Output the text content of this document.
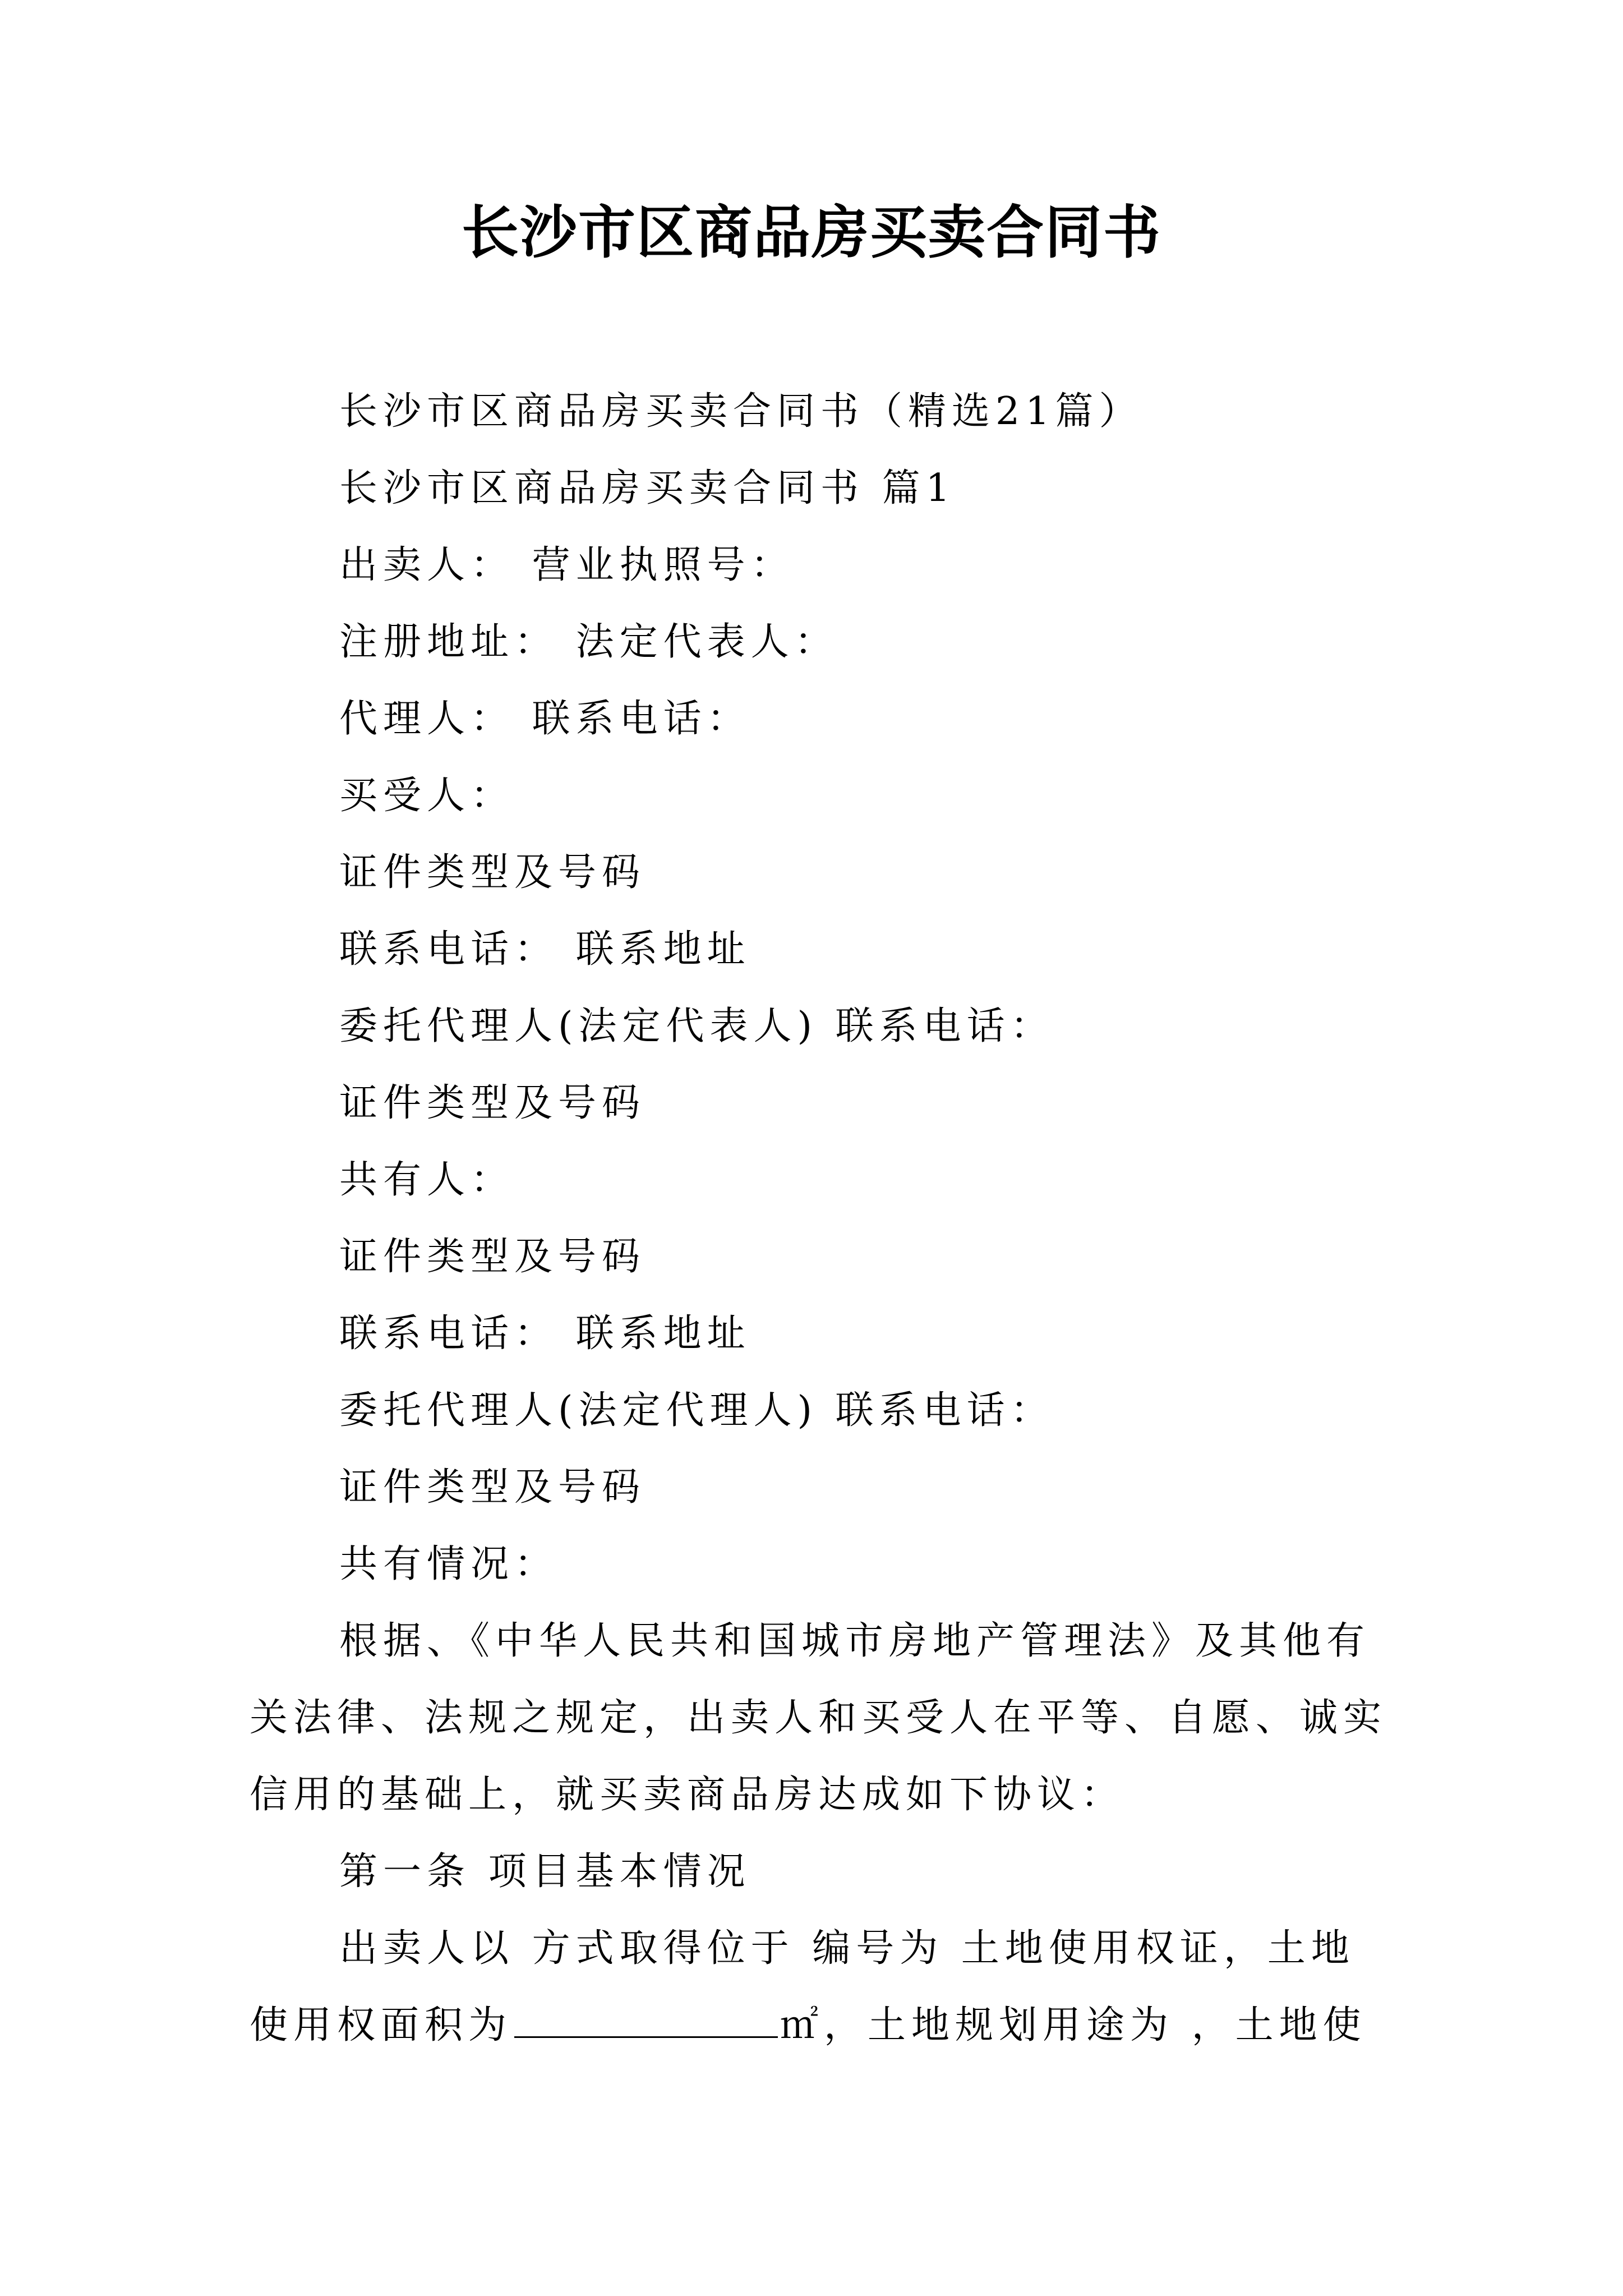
长沙市区商品房买卖合同书

长沙市区商品房买卖合同书（精选21篇）

长沙市区商品房买卖合同书 篇1

出卖人： 营业执照号：

注册地址： 法定代表人：

代理人： 联系电话：

买受人：

证件类型及号码

联系电话： 联系地址

委托代理人(法定代表人) 联系电话：

证件类型及号码

共有人：

证件类型及号码

联系电话： 联系地址

委托代理人(法定代理人) 联系电话：

证件类型及号码

共有情况：

根据、《中华人民共和国城市房地产管理法》及其他有关法律、法规之规定，出卖人和买受人在平等、自愿、诚实信用的基础上，就买卖商品房达成如下协议：

第一条 项目基本情况

出卖人以 方式取得位于 编号为 土地使用权证，土地使用权面积为	㎡，土地规划用途为 ，土地使
